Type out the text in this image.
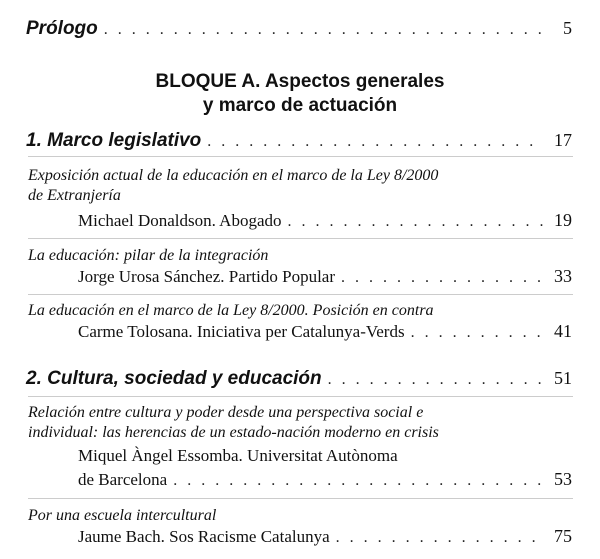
Prólogo . . .	5
BLOQUE A. Aspectos generales
y marco de actuación
1. Marco legislativo . . .	17
Exposición actual de la educación en el marco de la Ley 8/2000
de Extranjería
Michael Donaldson. Abogado . . .	19
La educación: pilar de la integración
Jorge Urosa Sánchez. Partido Popular . . .	33
La educación en el marco de la Ley 8/2000. Posición en contra
Carme Tolosana. Iniciativa per Catalunya-Verds . . .	41
2. Cultura, sociedad y educación . . .	51
Relación entre cultura y poder desde una perspectiva social e
individual: las herencias de un estado-nación moderno en crisis
Miquel Àngel Essomba. Universitat Autònoma
de Barcelona . . .	53
Por una escuela intercultural
Jaume Bach. Sos Racisme Catalunya . . .	75
